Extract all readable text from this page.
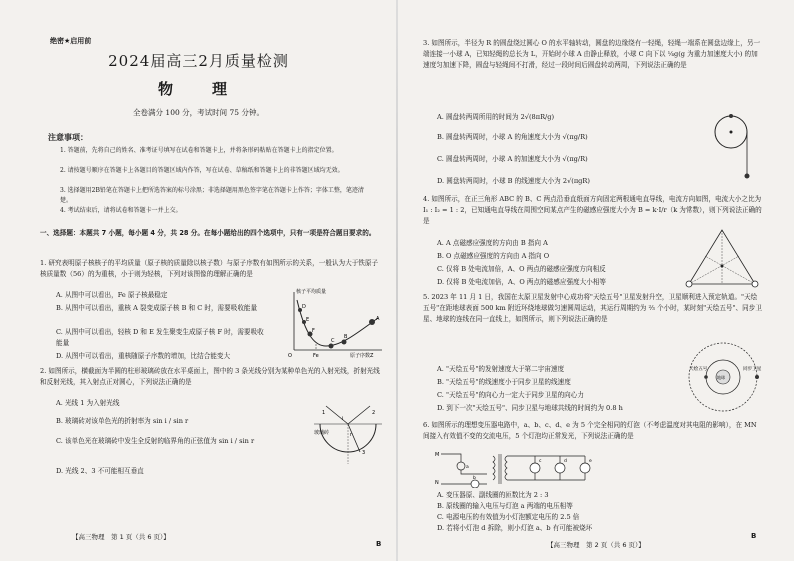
绝密★启用前
2024届高三2月质量检测
物　理
全卷满分 100 分，考试时间 75 分钟。
注意事项：
1. 答题前，先将自己的姓名、准考证号填写在试卷和答题卡上，并将条形码粘贴在答题卡上的指定位置。
2. 请按题号顺序在答题卡上各题目的答题区域内作答，写在试卷、草稿纸和答题卡上的非答题区域均无效。
3. 选择题用2B铅笔在答题卡上把所选答案的标号涂黑；非选择题用黑色签字笔在答题卡上作答；字体工整，笔迹清楚。
4. 考试结束后，请将试卷和答题卡一并上交。
一、选择题：本题共 7 小题，每小题 4 分，共 28 分。在每小题给出的四个选项中，只有一项是符合题目要求的。
1. 研究表明原子核核子的平均质量（原子核的质量除以核子数）与原子序数有如图所示的关系，一般认为大于铁原子核质量数（56）的为重核，小于则为轻核，下列对该图像的理解正确的是
A. 从图中可以看出，Fe 原子核最稳定
B. 从图中可以看出，重核 A 裂变成原子核 B 和 C 时，需要吸收能量
C. 从图中可以看出，轻核 D 和 E 发生聚变生成原子核 F 时，需要吸收能量
D. 从图中可以看出，重核随原子序数的增加，比结合能变大
核子平均质量
原子序数Z
O	Fe
A
B
C
D
E
F
2. 如图所示，横截面为半圆的柱形玻璃砖放在水平桌面上，图中的 3 条光线分别为某种单色光的入射光线，折射光线和反射光线，其入射点正对圆心，下列说法正确的是
A. 光线 1 为入射光线
B. 玻璃砖对该单色光的折射率为 sin i / sin r
C. 该单色光在玻璃砖中发生全反射的临界角的正弦值为 sin i / sin r
D. 光线 2、3 不可能相互垂直
1	2
3
i
r
玻璃砖
【高三物理　第 1 页（共 6 页）】
B
3. 如图所示，半径为 R 的圆盘绕过圆心 O 的水平轴转动，圆盘的边缘绕有一轻绳，轻绳一端系在圆盘边缘上，另一端连接一小球 A，已知轻绳的总长为 L，开始时小球 A 由静止释放，小球 C 向下以 ¼g(g 为重力加速度大小) 的加速度匀加速下降，圆盘与轻绳间不打滑，经过一段时间后圆盘转动两周，下列说法正确的是
A. 圆盘转两周所用的时间为 2√(8πR/g)
B. 圆盘转两周时，小球 A 的角速度大小为 √(πg/R)
C. 圆盘转两周时，小球 A 的加速度大小为 √(πg/R)
D. 圆盘转两周时，小球 B 的线速度大小为 2√(πgR)
4. 如图所示，在正三角形 ABC 的 B、C 两点沿垂直纸面方向固定两根通电直导线，电流方向如图，电流大小之比为 I₁ : I₂ = 1 : 2，已知通电直导线在周围空间某点产生的磁感应强度大小为 B = k·I/r（k 为常数），则下列说法正确的是
A. A 点磁感应强度的方向由 B 指向 A
B. O 点磁感应强度的方向由 A 指向 O
C. 仅将 B 处电流加倍，A、O 两点的磁感应强度方向相反
D. 仅将 B 处电流加倍，A、O 两点的磁感应强度大小相等
5. 2023 年 11 月 1 日，我国在太原卫星发射中心成功将"天绘五号"卫星发射升空，卫星顺利进入预定轨道。"天绘五号"在距地球表面 500 km 附近环绕地球做匀速圆周运动，其运行周期约为 ⅔ 个小时，某时刻"天绘五号"、同步卫星、地球的连线在同一直线上，如图所示，则下列说法正确的是
A. "天绘五号"的发射速度大于第二宇宙速度
B. "天绘五号"的线速度小于同步卫星的线速度
C. "天绘五号"的向心力一定大于同步卫星的向心力
D. 到下一次"天绘五号"、同步卫星与地球共线的时间约为 0.8 h
天绘五号	同步卫星
地球
6. 如图所示的理想变压器电路中，a、b、c、d、e 为 5 个完全相同的灯泡（不考虑温度对其电阻的影响），在 MN 间接入有效值不变的交流电压，5 个灯泡均正常发光，下列说法正确的是
M
N
a
b
c	d	e
A. 变压器原、副线圈的匝数比为 2 : 3
B. 原线圈的输入电压与灯泡 a 两端的电压相等
C. 电源电压的有效值为小灯泡额定电压的 2.5 倍
D. 若将小灯泡 d 拆除，则小灯泡 a、b 有可能被烧坏
【高三物理　第 2 页（共 6 页）】
B
